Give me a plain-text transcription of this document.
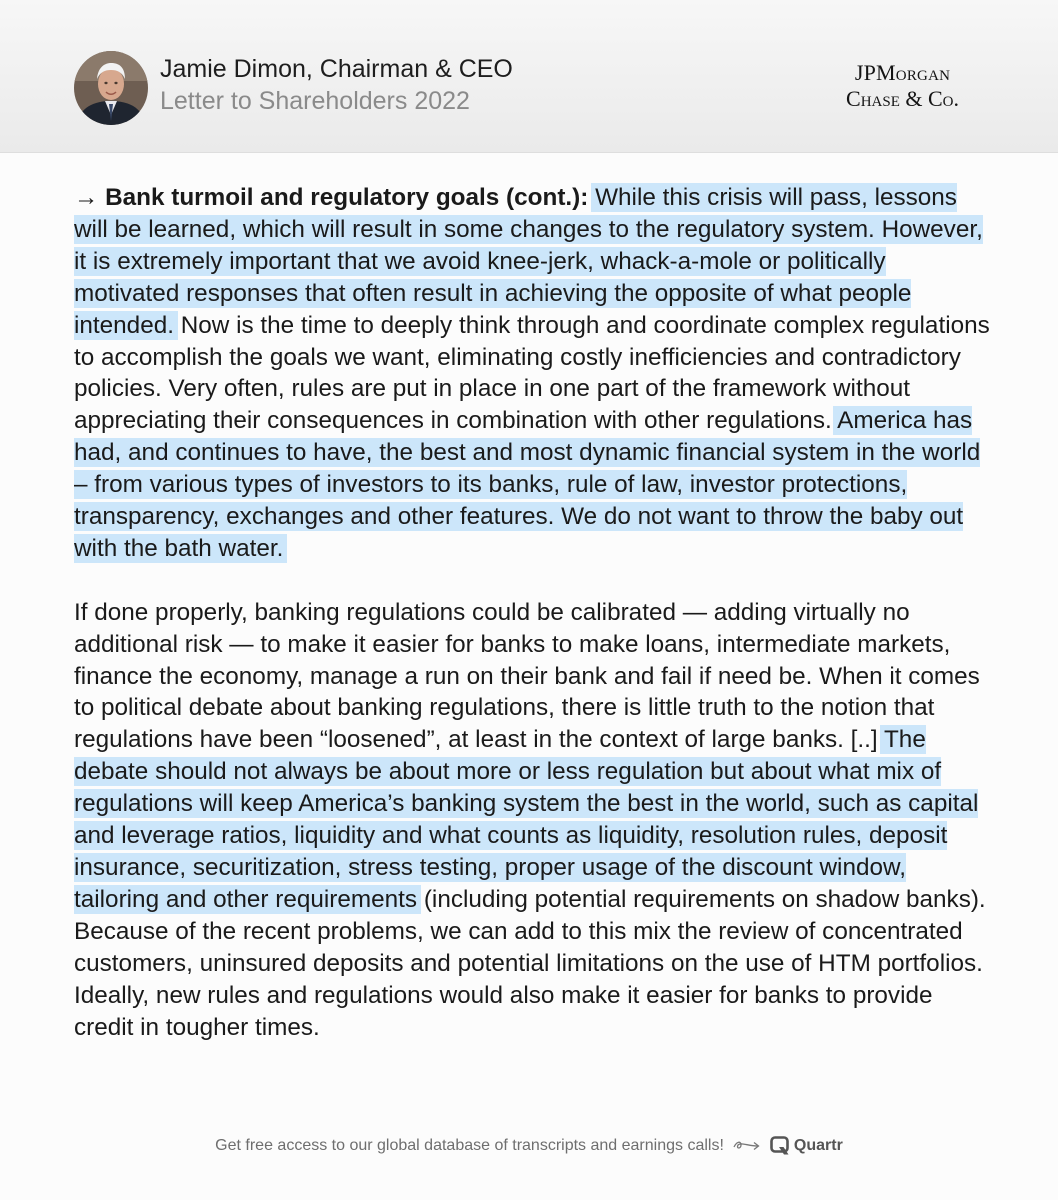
Jamie Dimon, Chairman & CEO
Letter to Shareholders 2022
JPMorgan
Chase & Co.

→ Bank turmoil and regulatory goals (cont.): While this crisis will pass, lessons will be learned, which will result in some changes to the regulatory system. However, it is extremely important that we avoid knee-jerk, whack-a-mole or politically motivated responses that often result in achieving the opposite of what people intended. Now is the time to deeply think through and coordinate complex regulations to accomplish the goals we want, eliminating costly inefficiencies and contradictory policies. Very often, rules are put in place in one part of the framework without appreciating their consequences in combination with other regulations. America has had, and continues to have, the best and most dynamic financial system in the world – from various types of investors to its banks, rule of law, investor protections, transparency, exchanges and other features. We do not want to throw the baby out with the bath water.

If done properly, banking regulations could be calibrated — adding virtually no additional risk — to make it easier for banks to make loans, intermediate markets, finance the economy, manage a run on their bank and fail if need be. When it comes to political debate about banking regulations, there is little truth to the notion that regulations have been “loosened”, at least in the context of large banks. [..] The debate should not always be about more or less regulation but about what mix of regulations will keep America’s banking system the best in the world, such as capital and leverage ratios, liquidity and what counts as liquidity, resolution rules, deposit insurance, securitization, stress testing, proper usage of the discount window, tailoring and other requirements (including potential requirements on shadow banks). Because of the recent problems, we can add to this mix the review of concentrated customers, uninsured deposits and potential limitations on the use of HTM portfolios. Ideally, new rules and regulations would also make it easier for banks to provide credit in tougher times.

Get free access to our global database of transcripts and earnings calls!	Quartr
